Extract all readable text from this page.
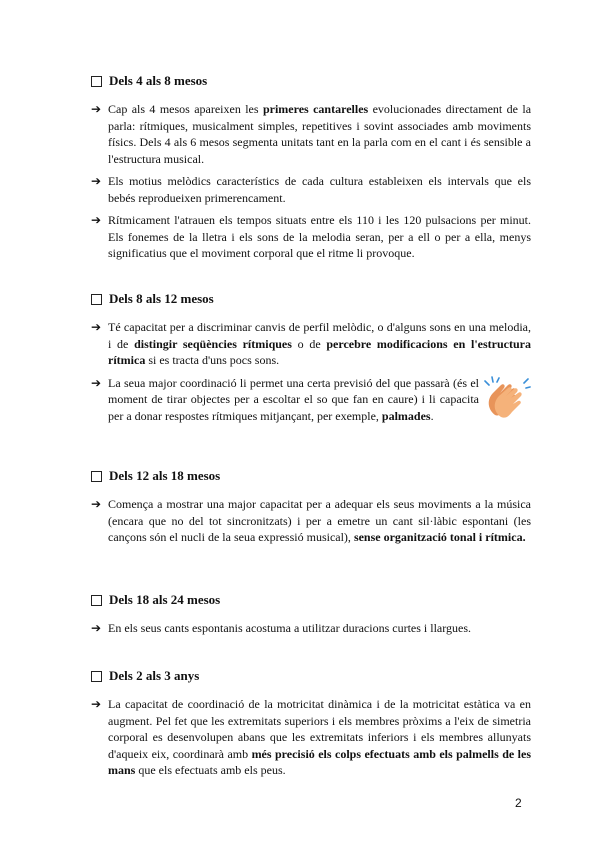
Dels 4 als 8 mesos
➔ Cap als 4 mesos apareixen les primeres cantarelles evolucionades directament de la parla: rítmiques, musicalment simples, repetitives i sovint associades amb moviments físics. Dels 4 als 6 mesos segmenta unitats tant en la parla com en el cant i és sensible a l'estructura musical.
➔ Els motius melòdics característics de cada cultura estableixen els intervals que els bebés reprodueixen primerencament.
➔ Rítmicament l'atrauen els tempos situats entre els 110 i les 120 pulsacions per minut. Els fonemes de la lletra i els sons de la melodia seran, per a ell o per a ella, menys significatius que el moviment corporal que el ritme li provoque.
Dels 8 als 12 mesos
➔ Té capacitat per a discriminar canvis de perfil melòdic, o d'alguns sons en una melodia, i de distingir seqüències rítmiques o de percebre modificacions en l'estructura rítmica si es tracta d'uns pocs sons.
➔ La seua major coordinació li permet una certa previsió del que passarà (és el moment de tirar objectes per a escoltar el so que fan en caure) i li capacita per a donar respostes rítmiques mitjançant, per exemple, palmades.
Dels 12 als 18 mesos
➔ Comença a mostrar una major capacitat per a adequar els seus moviments a la música (encara que no del tot sincronitzats) i per a emetre un cant sil·làbic espontani (les cançons són el nucli de la seua expressió musical), sense organització tonal i rítmica.
Dels 18 als 24 mesos
➔ En els seus cants espontanis acostuma a utilitzar duracions curtes i llargues.
Dels 2 als 3 anys
➔ La capacitat de coordinació de la motricitat dinàmica i de la motricitat estàtica va en augment. Pel fet que les extremitats superiors i els membres pròxims a l'eix de simetria corporal es desenvolupen abans que les extremitats inferiors i els membres allunyats d'aqueix eix, coordinarà amb més precisió els colps efectuats amb els palmells de les mans que els efectuats amb els peus.
2
